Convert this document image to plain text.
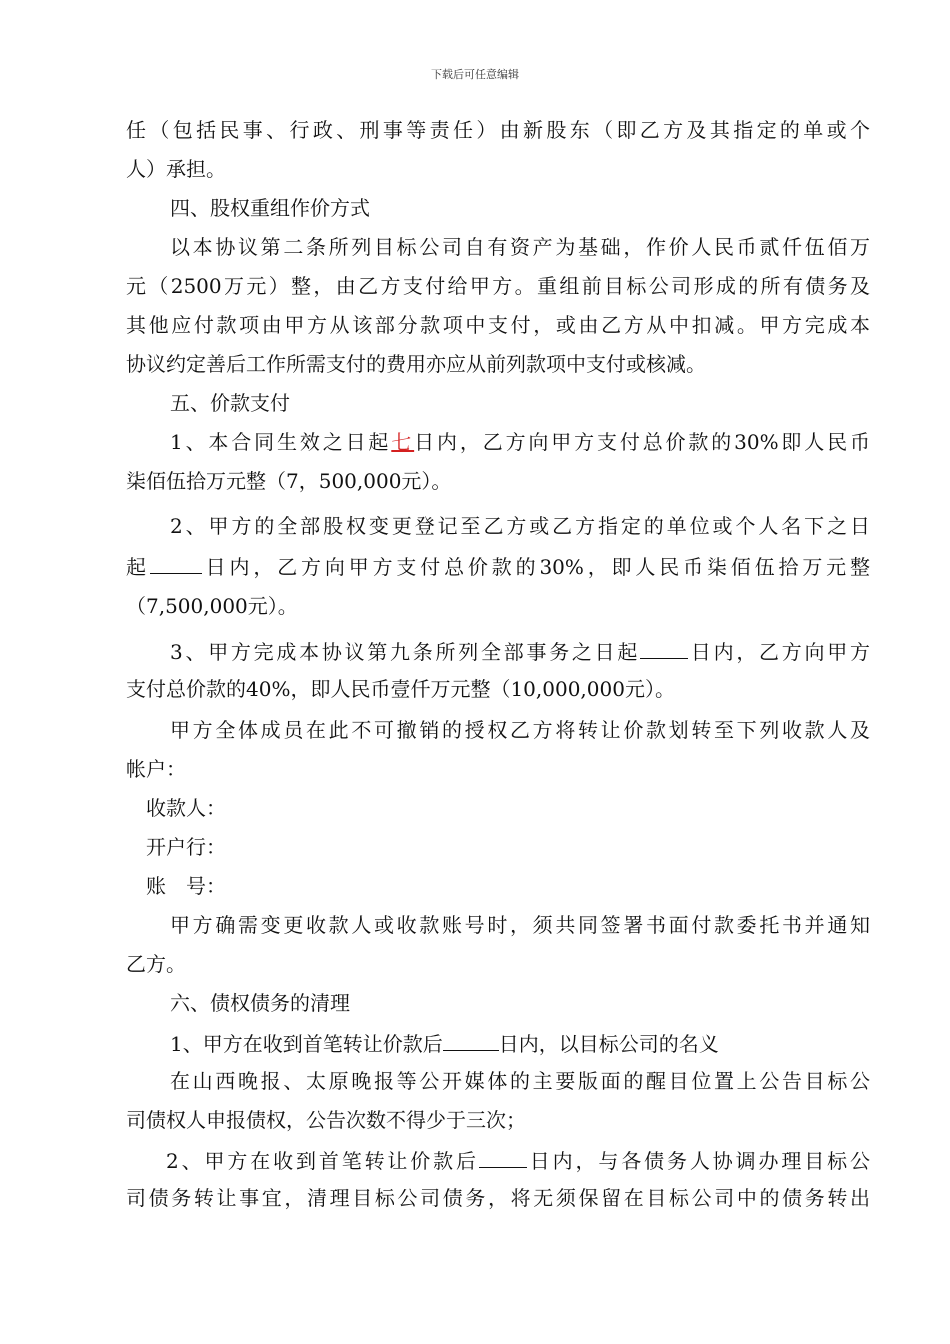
下载后可任意编辑
任（包括民事、行政、刑事等责任）由新股东（即乙方及其指定的单或个
人）承担。
四、股权重组作价方式
以本协议第二条所列目标公司自有资产为基础，作价人民币贰仟伍佰万
元（2500万元）整，由乙方支付给甲方。重组前目标公司形成的所有债务及
其他应付款项由甲方从该部分款项中支付，或由乙方从中扣减。甲方完成本
协议约定善后工作所需支付的费用亦应从前列款项中支付或核减。
五、价款支付
1、本合同生效之日起七日内，乙方向甲方支付总价款的30%即人民币
柒佰伍拾万元整（7，500,000元）。
2、甲方的全部股权变更登记至乙方或乙方指定的单位或个人名下之日
起	日内，乙方向甲方支付总价款的30%，即人民币柒佰伍拾万元整
（7,500,000元）。
3、甲方完成本协议第九条所列全部事务之日起 日内，乙方向甲方
支付总价款的40%，即人民币壹仟万元整（10,000,000元）。
甲方全体成员在此不可撤销的授权乙方将转让价款划转至下列收款人及
帐户：
收款人：
开户行：
账　号：
甲方确需变更收款人或收款账号时，须共同签署书面付款委托书并通知
乙方。
六、债权债务的清理
1、甲方在收到首笔转让价款后	日内，以目标公司的名义
在山西晚报、太原晚报等公开媒体的主要版面的醒目位置上公告目标公
司债权人申报债权，公告次数不得少于三次；
2、甲方在收到首笔转让价款后 日内，与各债务人协调办理目标公
司债务转让事宜，清理目标公司债务，将无须保留在目标公司中的债务转出
